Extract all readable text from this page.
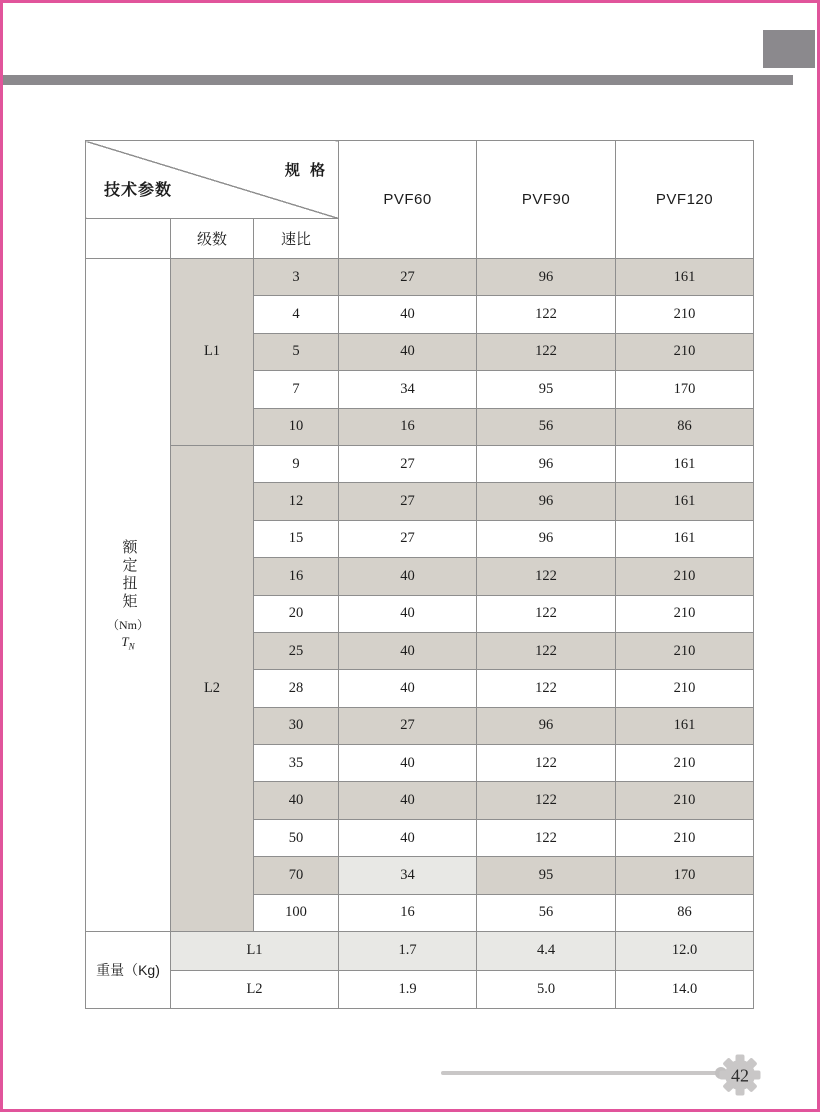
规 格
技术参数			PVF60	PVF90	PVF120
	级数	速比			

额定扭矩
（Nm）
$T_N$	L1	3	27	96	161
		4	40	122	210
		5	40	122	210
		7	34	95	170
		10	16	56	86
	L2	9	27	96	161
		12	27	96	161
		15	27	96	161
		16	40	122	210
		20	40	122	210
		25	40	122	210
		28	40	122	210
		30	27	96	161
		35	40	122	210
		40	40	122	210
		50	40	122	210
		70	34	95	170
		100	16	56	86
重量（Kg)	L1		1.7	4.4	12.0
	L2		1.9	5.0	14.0
42
